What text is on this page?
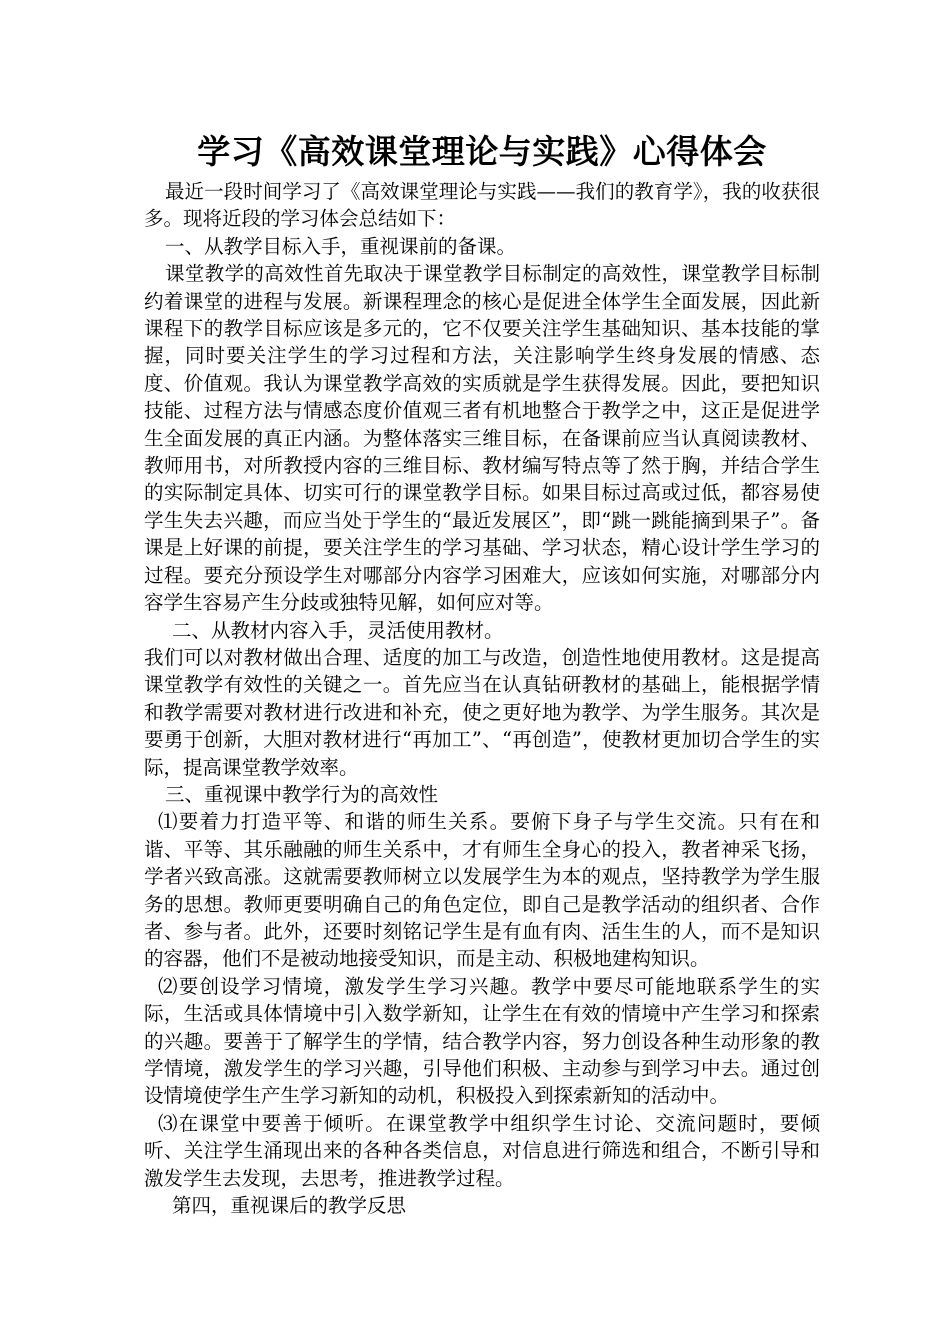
学习《高效课堂理论与实践》心得体会

最近一段时间学习了《高效课堂理论与实践——我们的教育学》，我的收获很多。现将近段的学习体会总结如下：

一、从教学目标入手，重视课前的备课。

课堂教学的高效性首先取决于课堂教学目标制定的高效性，课堂教学目标制约着课堂的进程与发展。新课程理念的核心是促进全体学生全面发展，因此新课程下的教学目标应该是多元的，它不仅要关注学生基础知识、基本技能的掌握，同时要关注学生的学习过程和方法，关注影响学生终身发展的情感、态度、价值观。我认为课堂教学高效的实质就是学生获得发展。因此，要把知识技能、过程方法与情感态度价值观三者有机地整合于教学之中，这正是促进学生全面发展的真正内涵。为整体落实三维目标，在备课前应当认真阅读教材、教师用书，对所教授内容的三维目标、教材编写特点等了然于胸，并结合学生的实际制定具体、切实可行的课堂教学目标。如果目标过高或过低，都容易使学生失去兴趣，而应当处于学生的“最近发展区”，即“跳一跳能摘到果子”。备课是上好课的前提，要关注学生的学习基础、学习状态，精心设计学生学习的过程。要充分预设学生对哪部分内容学习困难大，应该如何实施，对哪部分内容学生容易产生分歧或独特见解，如何应对等。

二、从教材内容入手，灵活使用教材。

我们可以对教材做出合理、适度的加工与改造，创造性地使用教材。这是提高课堂教学有效性的关键之一。首先应当在认真钻研教材的基础上，能根据学情和教学需要对教材进行改进和补充，使之更好地为教学、为学生服务。其次是要勇于创新，大胆对教材进行“再加工”、“再创造”，使教材更加切合学生的实际，提高课堂教学效率。

三、重视课中教学行为的高效性

⑴要着力打造平等、和谐的师生关系。要俯下身子与学生交流。只有在和谐、平等、其乐融融的师生关系中，才有师生全身心的投入，教者神采飞扬，学者兴致高涨。这就需要教师树立以发展学生为本的观点，坚持教学为学生服务的思想。教师更要明确自己的角色定位，即自己是教学活动的组织者、合作者、参与者。此外，还要时刻铭记学生是有血有肉、活生生的人，而不是知识的容器，他们不是被动地接受知识，而是主动、积极地建构知识。

⑵要创设学习情境，激发学生学习兴趣。教学中要尽可能地联系学生的实际，生活或具体情境中引入数学新知，让学生在有效的情境中产生学习和探索的兴趣。要善于了解学生的学情，结合教学内容，努力创设各种生动形象的教学情境，激发学生的学习兴趣，引导他们积极、主动参与到学习中去。通过创设情境使学生产生学习新知的动机，积极投入到探索新知的活动中。

⑶在课堂中要善于倾听。在课堂教学中组织学生讨论、交流问题时，要倾听、关注学生涌现出来的各种各类信息，对信息进行筛选和组合，不断引导和激发学生去发现，去思考，推进教学过程。

第四，重视课后的教学反思
